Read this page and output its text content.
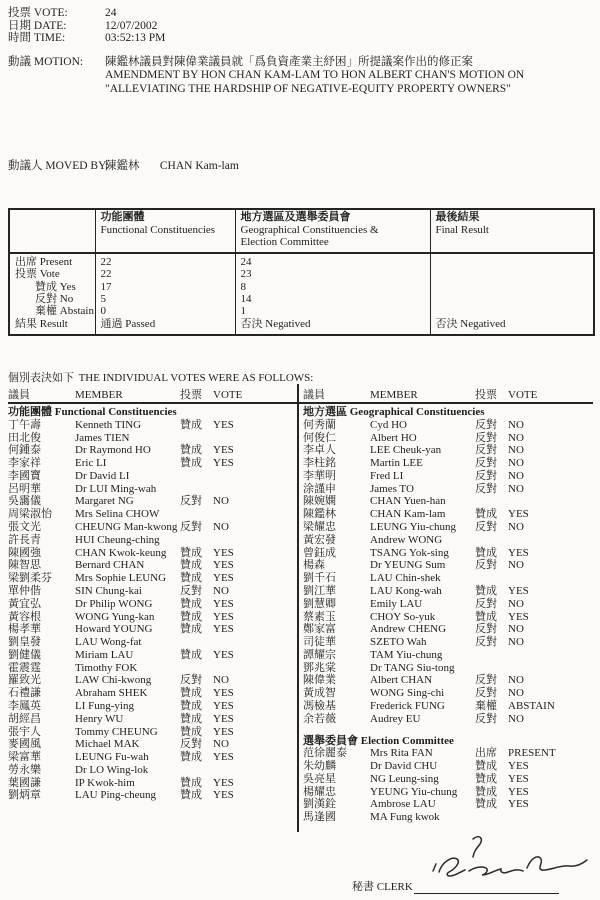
投票 VOTE:	24
日期 DATE:	12/07/2002
時間 TIME:	03:52:13 PM
動議 MOTION:	陳鑑林議員對陳偉業議員就「爲負資產業主紓困」所提議案作出的修正案
AMENDMENT BY HON CHAN KAM-LAM TO HON ALBERT CHAN'S MOTION ON
"ALLEVIATING THE HARDSHIP OF NEGATIVE-EQUITY PROPERTY OWNERS"
動議人 MOVED BY:
陳鑑林 CHAN Kam-lam

功能團體
Functional Constituencies

地方選區及選舉委員會
Geographical Constituencies &
Election Committee

最後結果
Final Result

出席 Present	22	24	
投票 Vote	22	23	
贊成 Yes	17	8	
反對 No	5	14	
棄權 Abstain	0	1	
結果 Result	通過 Passed	否決 Negatived	否決 Negatived
個別表決如下 THE INDIVIDUAL VOTES WERE AS FOLLOWS:
議員	MEMBER	投票	VOTE	議員	MEMBER	投票	VOTE
功能團體 Functional Constituencies
丁午壽	Kenneth TING	贊成	YES
田北俊	James TIEN
何鍾泰	Dr Raymond HO	贊成	YES
李家祥	Eric LI	贊成	YES
李國寶	Dr David LI
呂明華	Dr LUI Ming-wah
吳靄儀	Margaret NG	反對	NO
周梁淑怡	Mrs Selina CHOW
張文光	CHEUNG Man-kwong 反對	NO
許長青	HUI Cheung-ching
陳國強	CHAN Kwok-keung	贊成	YES
陳智思	Bernard CHAN	贊成	YES
梁劉柔芬	Mrs Sophie LEUNG	贊成	YES
單仲偕	SIN Chung-kai	反對	NO
黃宜弘	Dr Philip WONG	贊成	YES
黃容根	WONG Yung-kan	贊成	YES
楊孝華	Howard YOUNG	贊成	YES
劉皇發	LAU Wong-fat
劉健儀	Miriam LAU	贊成	YES
霍震霆	Timothy FOK
羅致光	LAW Chi-kwong	反對	NO
石禮謙	Abraham SHEK	贊成	YES
李鳳英	LI Fung-ying	贊成	YES
胡經昌	Henry WU	贊成	YES
張宇人	Tommy CHEUNG	贊成	YES
麥國風	Michael MAK	反對	NO
梁富華	LEUNG Fu-wah	贊成	YES
勞永樂	Dr LO Wing-lok
葉國謙	IP Kwok-him	贊成	YES
劉炳章	LAU Ping-cheung	贊成	YES
地方選區 Geographical Constituencies
何秀蘭	Cyd HO	反對	NO
何俊仁	Albert HO	反對	NO
李卓人	LEE Cheuk-yan	反對	NO
李柱銘	Martin LEE	反對	NO
李華明	Fred LI	反對	NO
涂謹申	James TO	反對	NO
陳婉嫻	CHAN Yuen-han
陳鑑林	CHAN Kam-lam	贊成	YES
梁耀忠	LEUNG Yiu-chung	反對	NO
黃宏發	Andrew WONG
曾鈺成	TSANG Yok-sing	贊成	YES
楊森	Dr YEUNG Sum	反對	NO
劉千石	LAU Chin-shek
劉江華	LAU Kong-wah	贊成	YES
劉慧卿	Emily LAU	反對	NO
蔡素玉	CHOY So-yuk	贊成	YES
鄭家富	Andrew CHENG	反對	NO
司徒華	SZETO Wah	反對	NO
譚耀宗	TAM Yiu-chung
鄧兆棠	Dr TANG Siu-tong
陳偉業	Albert CHAN	反對	NO
黃成智	WONG Sing-chi	反對	NO
馮檢基	Frederick FUNG	棄權	ABSTAIN
余若薇	Audrey EU	反對	NO
選舉委員會 Election Committee
范徐麗泰	Mrs Rita FAN	出席	PRESENT
朱幼麟	Dr David CHU	贊成	YES
吳亮星	NG Leung-sing	贊成	YES
楊耀忠	YEUNG Yiu-chung	贊成	YES
劉漢銓	Ambrose LAU	贊成	YES
馬逢國	MA Fung kwok
秘書 CLERK
